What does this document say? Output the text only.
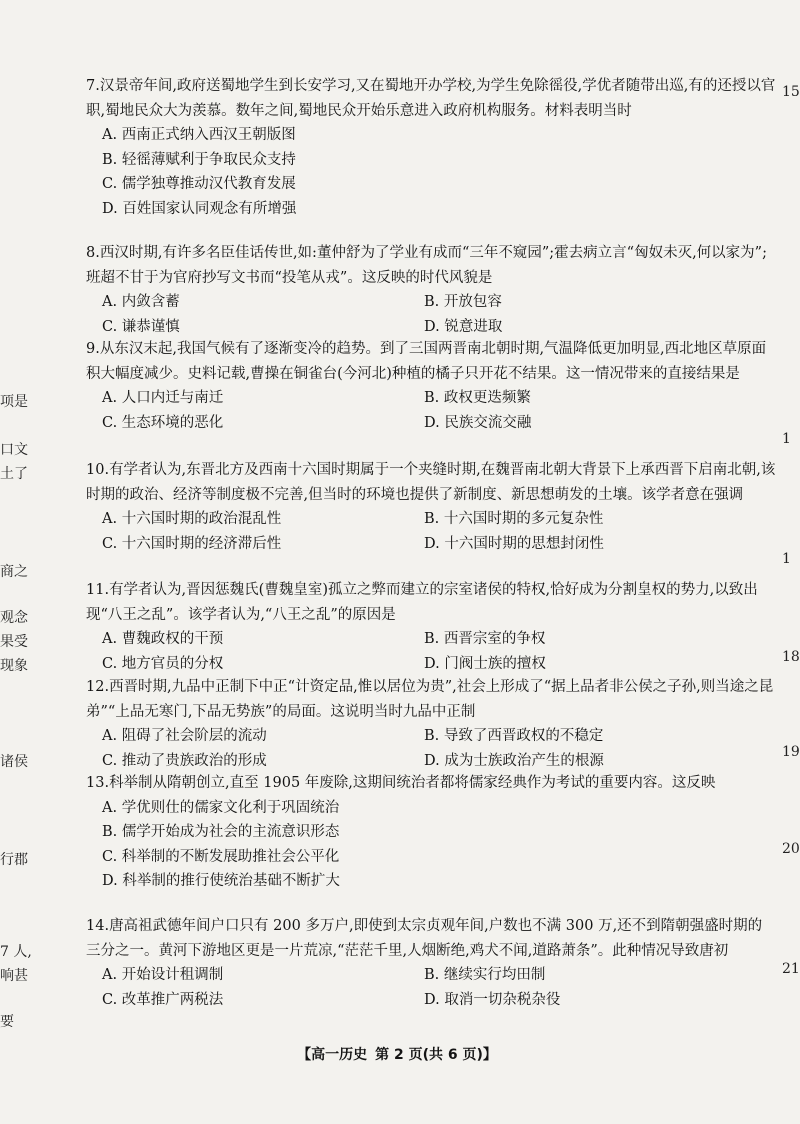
项是
口文
土了
商之
观念
果受
现象
诸侯
行郡
7 人,
响甚
要
15
1
1
18
19
20
21
7.汉景帝年间,政府送蜀地学生到长安学习,又在蜀地开办学校,为学生免除徭役,学优者随带出巡,有的还授以官职,蜀地民众大为羡慕。数年之间,蜀地民众开始乐意进入政府机构服务。材料表明当时
A. 西南正式纳入西汉王朝版图
B. 轻徭薄赋利于争取民众支持
C. 儒学独尊推动汉代教育发展
D. 百姓国家认同观念有所增强
8.西汉时期,有许多名臣佳话传世,如:董仲舒为了学业有成而“三年不窥园”;霍去病立言“匈奴未灭,何以家为”;班超不甘于为官府抄写文书而“投笔从戎”。这反映的时代风貌是
A. 内敛含蓄	B. 开放包容
C. 谦恭谨慎	D. 锐意进取
9.从东汉末起,我国气候有了逐渐变冷的趋势。到了三国两晋南北朝时期,气温降低更加明显,西北地区草原面积大幅度减少。史料记载,曹操在铜雀台(今河北)种植的橘子只开花不结果。这一情况带来的直接结果是
A. 人口内迁与南迁	B. 政权更迭频繁
C. 生态环境的恶化	D. 民族交流交融
10.有学者认为,东晋北方及西南十六国时期属于一个夹缝时期,在魏晋南北朝大背景下上承西晋下启南北朝,该时期的政治、经济等制度极不完善,但当时的环境也提供了新制度、新思想萌发的土壤。该学者意在强调
A. 十六国时期的政治混乱性	B. 十六国时期的多元复杂性
C. 十六国时期的经济滞后性	D. 十六国时期的思想封闭性
11.有学者认为,晋因惩魏氏(曹魏皇室)孤立之弊而建立的宗室诸侯的特权,恰好成为分割皇权的势力,以致出现“八王之乱”。该学者认为,“八王之乱”的原因是
A. 曹魏政权的干预	B. 西晋宗室的争权
C. 地方官员的分权	D. 门阀士族的擅权
12.西晋时期,九品中正制下中正“计资定品,惟以居位为贵”,社会上形成了“据上品者非公侯之子孙,则当途之昆弟”“上品无寒门,下品无势族”的局面。这说明当时九品中正制
A. 阻碍了社会阶层的流动	B. 导致了西晋政权的不稳定
C. 推动了贵族政治的形成	D. 成为士族政治产生的根源
13.科举制从隋朝创立,直至 1905 年废除,这期间统治者都将儒家经典作为考试的重要内容。这反映
A. 学优则仕的儒家文化利于巩固统治
B. 儒学开始成为社会的主流意识形态
C. 科举制的不断发展助推社会公平化
D. 科举制的推行使统治基础不断扩大
14.唐高祖武德年间户口只有 200 多万户,即使到太宗贞观年间,户数也不满 300 万,还不到隋朝强盛时期的三分之一。黄河下游地区更是一片荒凉,“茫茫千里,人烟断绝,鸡犬不闻,道路萧条”。此种情况导致唐初
A. 开始设计租调制	B. 继续实行均田制
C. 改革推广两税法	D. 取消一切杂税杂役
【高一历史 第 2 页(共 6 页)】
